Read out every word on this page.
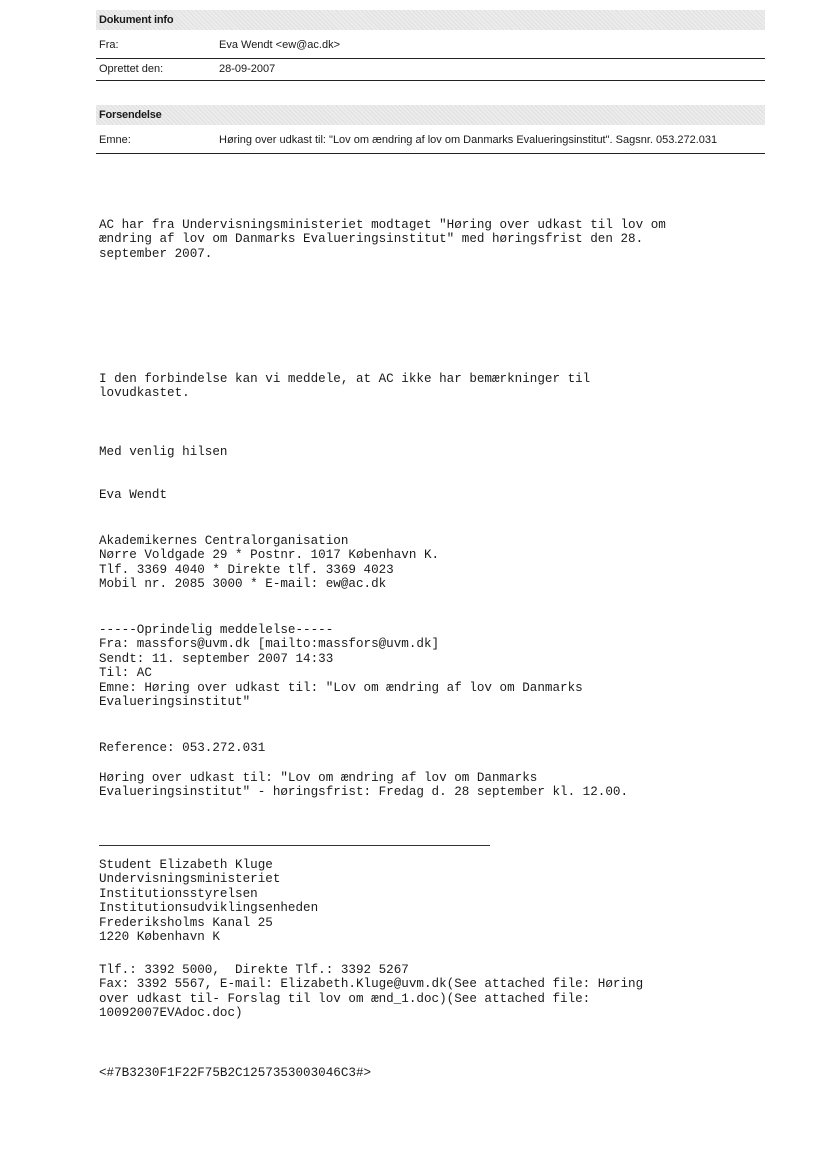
Dokument info
Fra:	Eva Wendt <ew@ac.dk>
Oprettet den:	28-09-2007
Forsendelse
Emne:	Høring over udkast til: "Lov om ændring af lov om Danmarks Evalueringsinstitut". Sagsnr. 053.272.031
AC har fra Undervisningsministeriet modtaget "Høring over udkast til lov om
ændring af lov om Danmarks Evalueringsinstitut" med høringsfrist den 28.
september 2007.
I den forbindelse kan vi meddele, at AC ikke har bemærkninger til
lovudkastet.
Med venlig hilsen
Eva Wendt
Akademikernes Centralorganisation
Nørre Voldgade 29 * Postnr. 1017 København K.
Tlf. 3369 4040 * Direkte tlf. 3369 4023
Mobil nr. 2085 3000 * E-mail: ew@ac.dk
-----Oprindelig meddelelse-----
Fra: massfors@uvm.dk [mailto:massfors@uvm.dk]
Sendt: 11. september 2007 14:33
Til: AC
Emne: Høring over udkast til: "Lov om ændring af lov om Danmarks
Evalueringsinstitut"
Reference: 053.272.031
Høring over udkast til: "Lov om ændring af lov om Danmarks
Evalueringsinstitut" - høringsfrist: Fredag d. 28 september kl. 12.00.
Student Elizabeth Kluge
Undervisningsministeriet
Institutionsstyrelsen
Institutionsudviklingsenheden
Frederiksholms Kanal 25
1220 København K
Tlf.: 3392 5000,  Direkte Tlf.: 3392 5267
Fax: 3392 5567, E-mail: Elizabeth.Kluge@uvm.dk(See attached file: Høring
over udkast til- Forslag til lov om ænd_1.doc)(See attached file:
10092007EVAdoc.doc)
<#7B3230F1F22F75B2C1257353003046C3#>
